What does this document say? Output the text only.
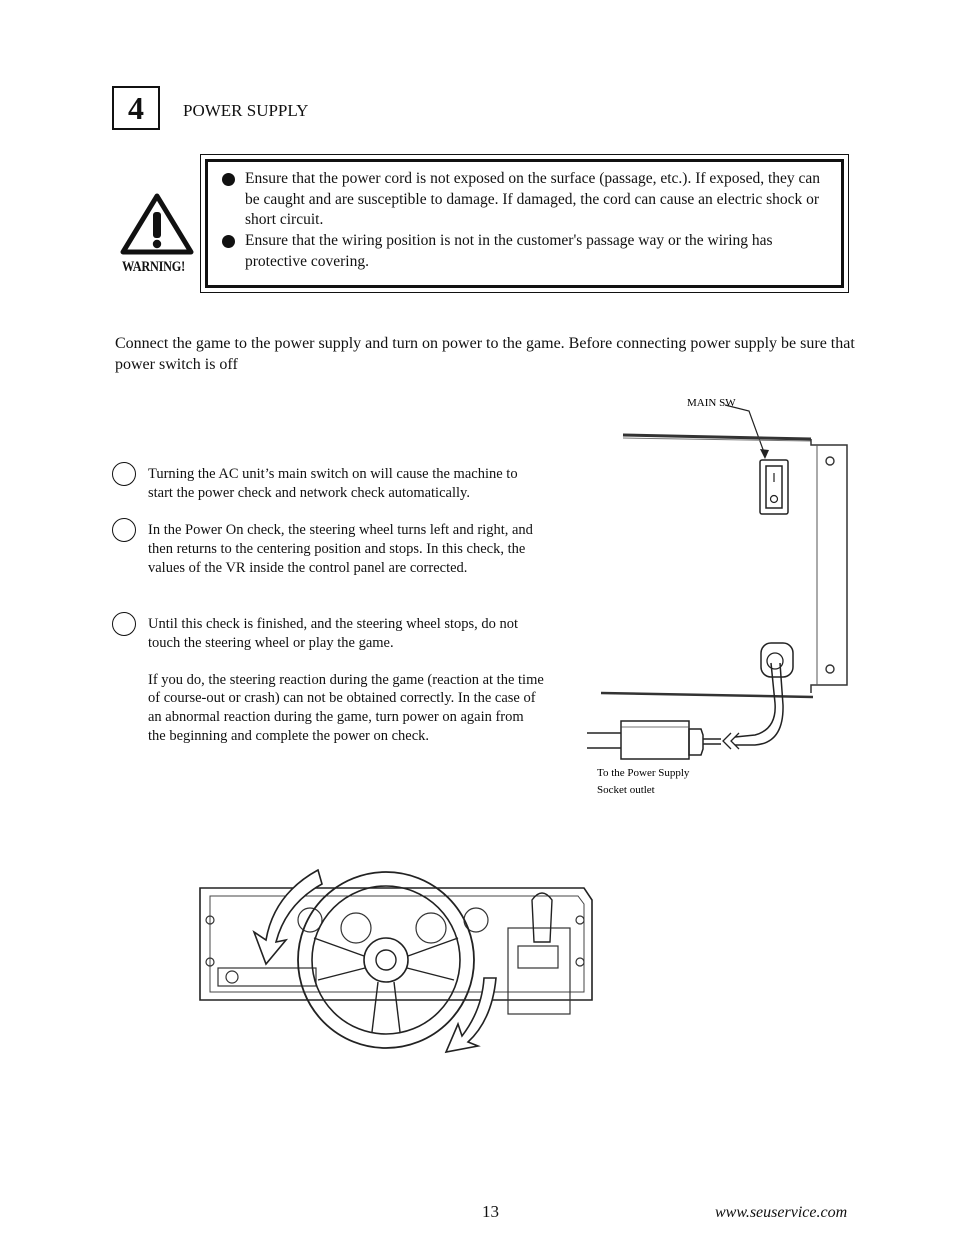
4 POWER SUPPLY
WARNING!
Ensure that the power cord is not exposed on the surface (passage, etc.). If exposed, they can be caught and are susceptible to damage. If damaged, the cord can cause an electric shock or short circuit.
Ensure that the wiring position is not in the customer's passage way or the wiring has protective covering.
Connect the game to the power supply and turn on power to the game. Before connecting power supply be sure that power switch is off
Turning the AC unit’s main switch on will cause the machine to start the power check and network check automatically.
In the Power On check, the steering wheel turns left and right, and then returns to the centering position and stops. In this check, the values of the VR inside the control panel are corrected.
Until this check is finished, and the steering wheel stops, do not touch the steering wheel or play the game.
If you do, the steering reaction during the game (reaction at the time of course-out or crash) can not be obtained correctly. In the case of an abnormal reaction during the game, turn power on again from the beginning and complete the power on check.
MAIN SW
To the Power Supply
Socket outlet
13	www.seuservice.com
